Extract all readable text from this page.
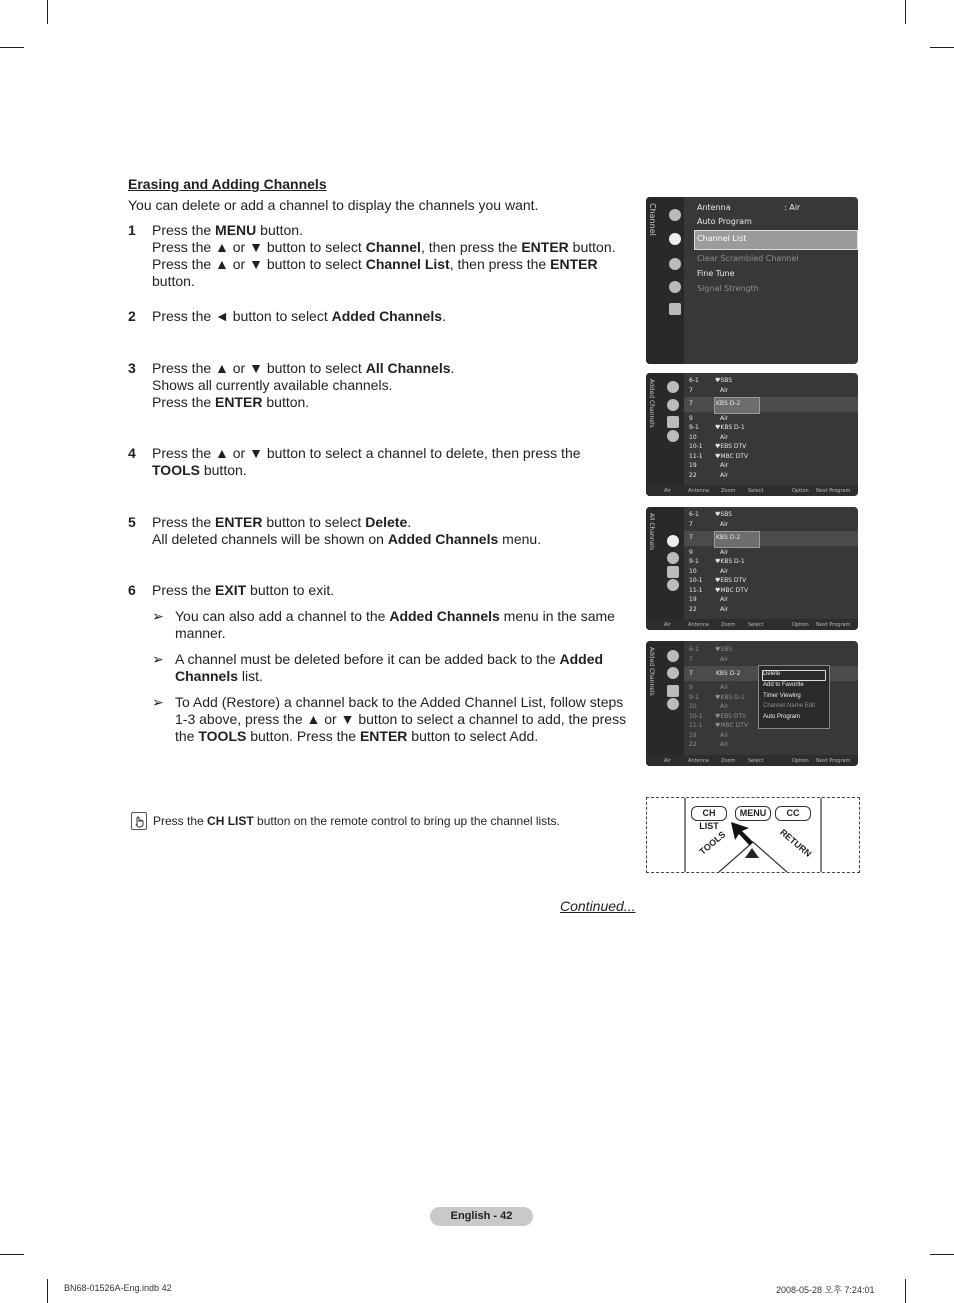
Erasing and Adding Channels
You can delete or add a channel to display the channels you want.
1 Press the MENU button.
Press the ▲ or ▼ button to select Channel, then press the ENTER button.
Press the ▲ or ▼ button to select Channel List, then press the ENTER button.
2 Press the ◄ button to select Added Channels.
3 Press the ▲ or ▼ button to select All Channels.
Shows all currently available channels.
Press the ENTER button.
4 Press the ▲ or ▼ button to select a channel to delete, then press the TOOLS button.
5 Press the ENTER button to select Delete.
All deleted channels will be shown on Added Channels menu.
6 Press the EXIT button to exit.
➢ You can also add a channel to the Added Channels menu in the same manner.
➢ A channel must be deleted before it can be added back to the Added Channels list.
➢ To Add (Restore) a channel back to the Added Channel List, follow steps 1-3 above, press the ▲ or ▼ button to select a channel to add, the press the TOOLS button. Press the ENTER button to select Add.
Press the CH LIST button on the remote control to bring up the channel lists.
Continued...
Channel	Antenna	: Air
Auto Program
Channel List
Clear Scrambled Channel
Fine Tune
Signal Strength
Added Channels
Air	Antenna Zoom	Select	Option Next Program
6-1	♥SBS
7	Air
7	KBS D-2
9	Air
9-1	♥KBS D-1
10	Air
10-1 ♥EBS DTV
11-1 ♥MBC DTV
19	Air
22	Air
All Channels
Air	Antenna Zoom	Select	Option Next Program
6-1	♥SBS
7	Air
7	KBS D-2
9	Air
9-1	♥KBS D-1
10	Air
10-1 ♥EBS DTV
11-1 ♥MBC DTV
19	Air
22	Air
Added Channels
Air	Antenna Zoom	Select	Option Next Program
6-1	♥SBS
7	Air
7	KBS D-2
9	Air
9-1	♥KBS D-1
10	Air
10-1 ♥EBS DTV
11-1 ♥MBC DTV
19	Air
22	Air
Delete
Add to Favorite
Timer Viewing
Channel Name Edit
Auto Program
CH LIST
MENU	CC
TOOLS	RETURN
English - 42
BN68-01526A-Eng.indb 42	2008-05-28 오후 7:24:01
